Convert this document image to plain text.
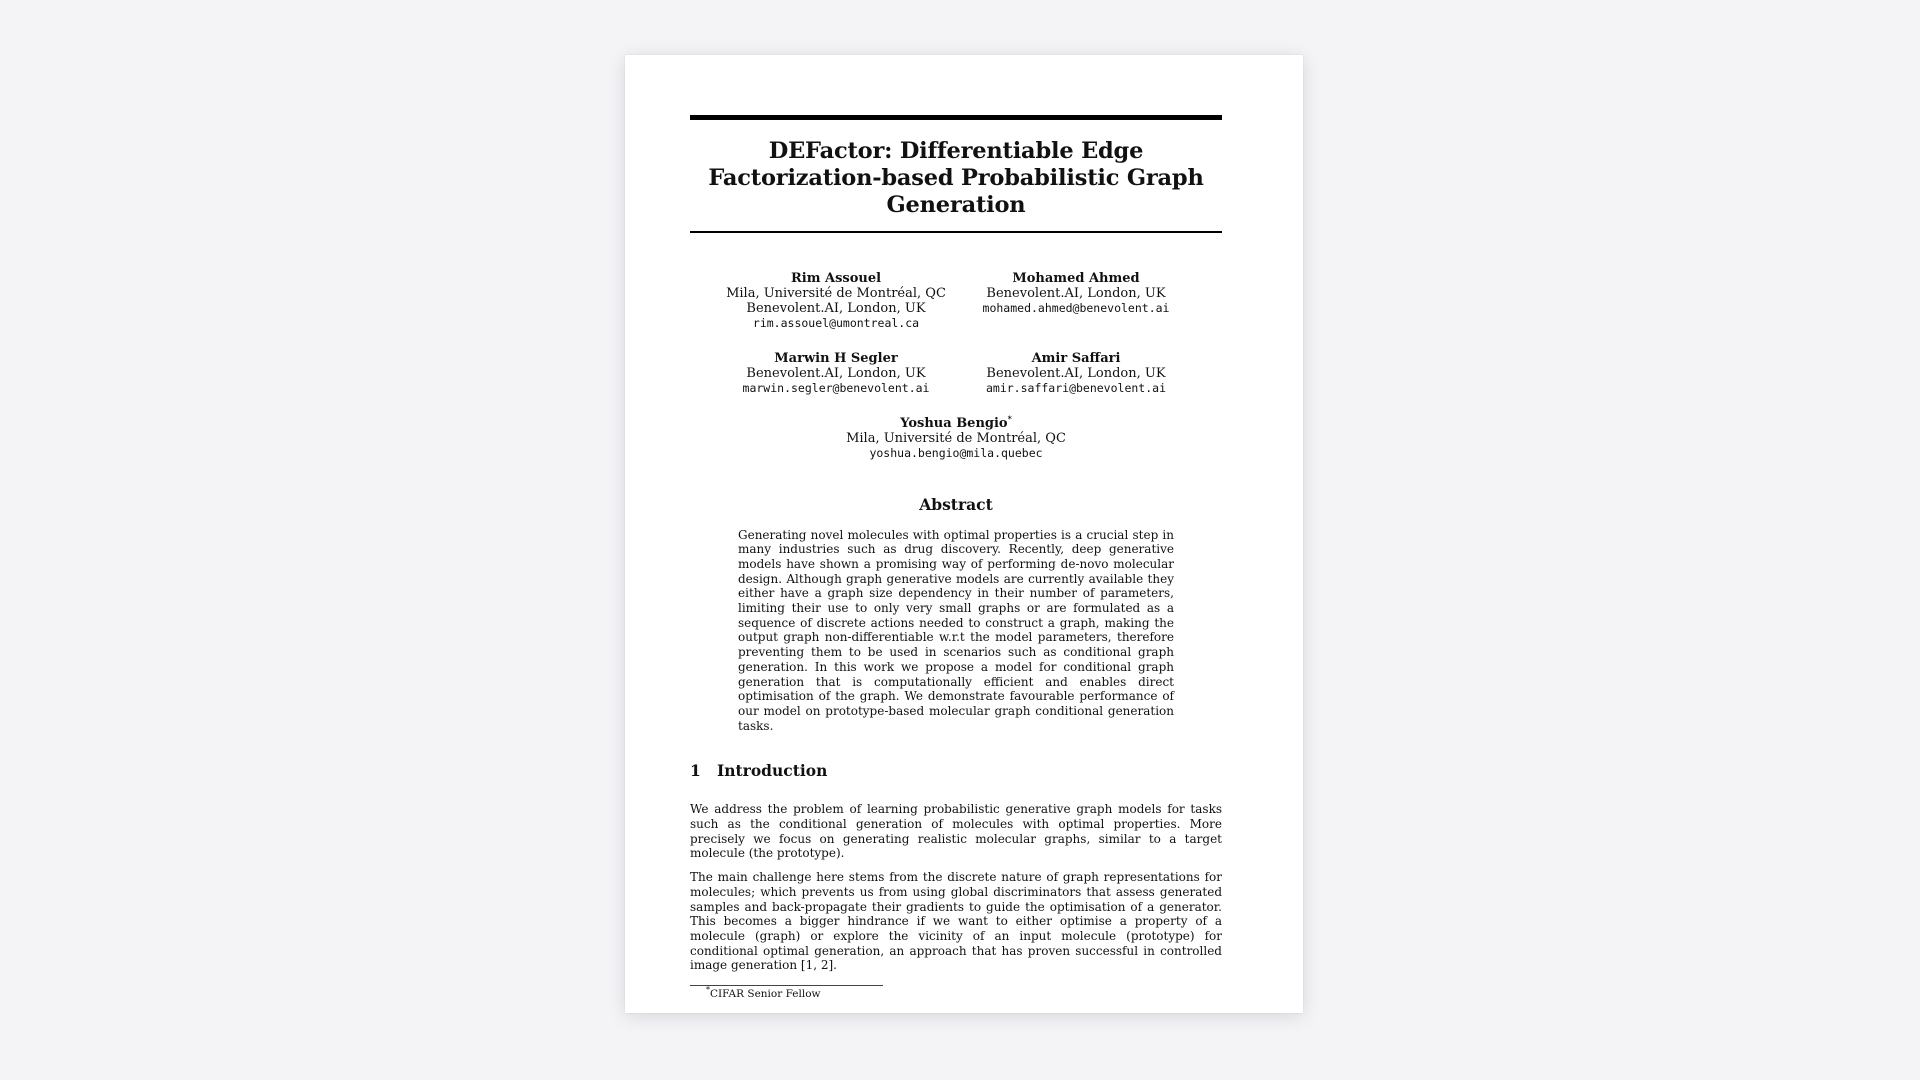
DEFactor: Differentiable Edge Factorization-based Probabilistic Graph Generation
Rim Assouel
Mila, Université de Montréal, QC
Benevolent.AI, London, UK
rim.assouel@umontreal.ca
Mohamed Ahmed
Benevolent.AI, London, UK
mohamed.ahmed@benevolent.ai
Marwin H Segler
Benevolent.AI, London, UK
marwin.segler@benevolent.ai
Amir Saffari
Benevolent.AI, London, UK
amir.saffari@benevolent.ai
Yoshua Bengio*
Mila, Université de Montréal, QC
yoshua.bengio@mila.quebec
Abstract
Generating novel molecules with optimal properties is a crucial step in many industries such as drug discovery. Recently, deep generative models have shown a promising way of performing de-novo molecular design. Although graph generative models are currently available they either have a graph size dependency in their number of parameters, limiting their use to only very small graphs or are formulated as a sequence of discrete actions needed to construct a graph, making the output graph non-differentiable w.r.t the model parameters, therefore preventing them to be used in scenarios such as conditional graph generation. In this work we propose a model for conditional graph generation that is computationally efficient and enables direct optimisation of the graph. We demonstrate favourable performance of our model on prototype-based molecular graph conditional generation tasks.
1 Introduction

We address the problem of learning probabilistic generative graph models for tasks such as the conditional generation of molecules with optimal properties. More precisely we focus on generating realistic molecular graphs, similar to a target molecule (the prototype).

The main challenge here stems from the discrete nature of graph representations for molecules; which prevents us from using global discriminators that assess generated samples and back-propagate their gradients to guide the optimisation of a generator. This becomes a bigger hindrance if we want to either optimise a property of a molecule (graph) or explore the vicinity of an input molecule (prototype) for conditional optimal generation, an approach that has proven successful in controlled image generation [1, 2].

*CIFAR Senior Fellow
